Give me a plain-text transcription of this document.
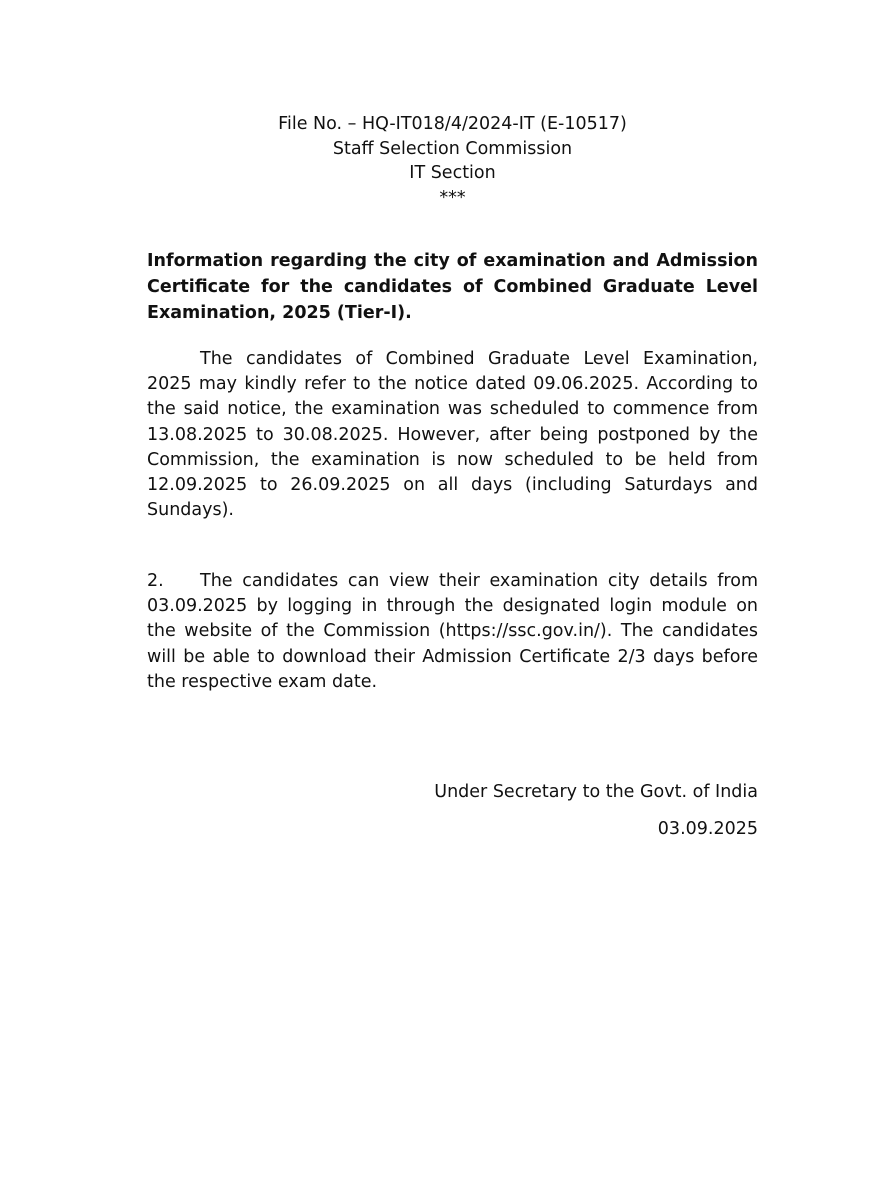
File No. – HQ-IT018/4/2024-IT (E-10517)
Staff Selection Commission
IT Section
***
Information regarding the city of examination and Admission Certificate for the candidates of Combined Graduate Level Examination, 2025 (Tier-I).
The candidates of Combined Graduate Level Examination, 2025 may kindly refer to the notice dated 09.06.2025. According to the said notice, the examination was scheduled to commence from 13.08.2025 to 30.08.2025. However, after being postponed by the Commission, the examination is now scheduled to be held from 12.09.2025 to 26.09.2025 on all days (including Saturdays and Sundays).
2. The candidates can view their examination city details from 03.09.2025 by logging in through the designated login module on the website of the Commission (https://ssc.gov.in/). The candidates will be able to download their Admission Certificate 2/3 days before the respective exam date.
Under Secretary to the Govt. of India
03.09.2025
